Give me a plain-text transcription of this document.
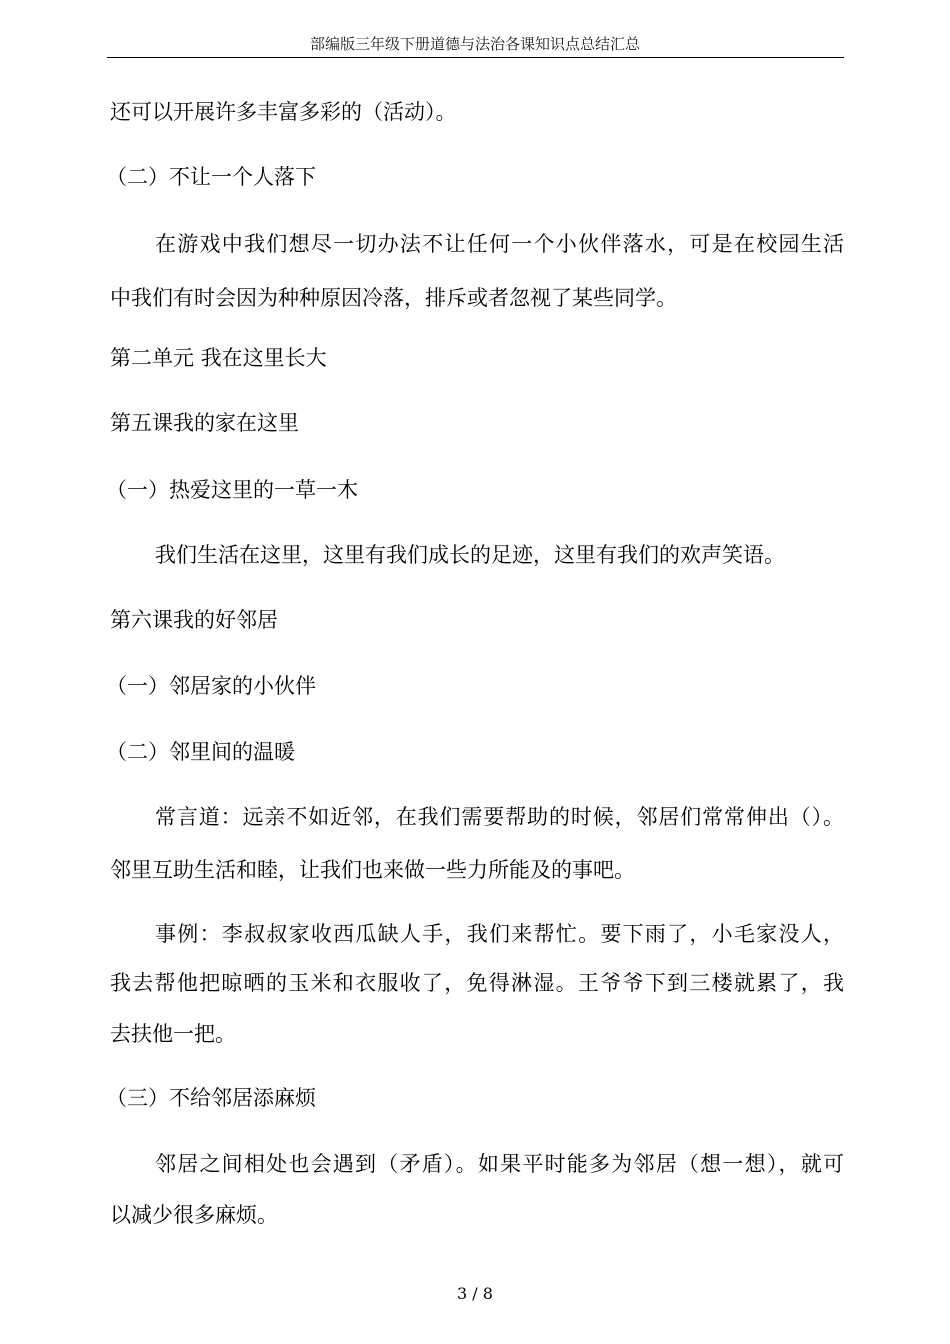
部编版三年级下册道德与法治各课知识点总结汇总
还可以开展许多丰富多彩的（活动）。
（二）不让一个人落下
在游戏中我们想尽一切办法不让任何一个小伙伴落水，可是在校园生活
中我们有时会因为种种原因冷落，排斥或者忽视了某些同学。
第二单元 我在这里长大
第五课我的家在这里
（一）热爱这里的一草一木
我们生活在这里，这里有我们成长的足迹，这里有我们的欢声笑语。
第六课我的好邻居
（一）邻居家的小伙伴
（二）邻里间的温暖
常言道：远亲不如近邻，在我们需要帮助的时候，邻居们常常伸出（）。
邻里互助生活和睦，让我们也来做一些力所能及的事吧。
事例：李叔叔家收西瓜缺人手，我们来帮忙。要下雨了，小毛家没人，
我去帮他把晾晒的玉米和衣服收了，免得淋湿。王爷爷下到三楼就累了，我
去扶他一把。
（三）不给邻居添麻烦
邻居之间相处也会遇到（矛盾）。如果平时能多为邻居（想一想），就可
以减少很多麻烦。
3 / 8
